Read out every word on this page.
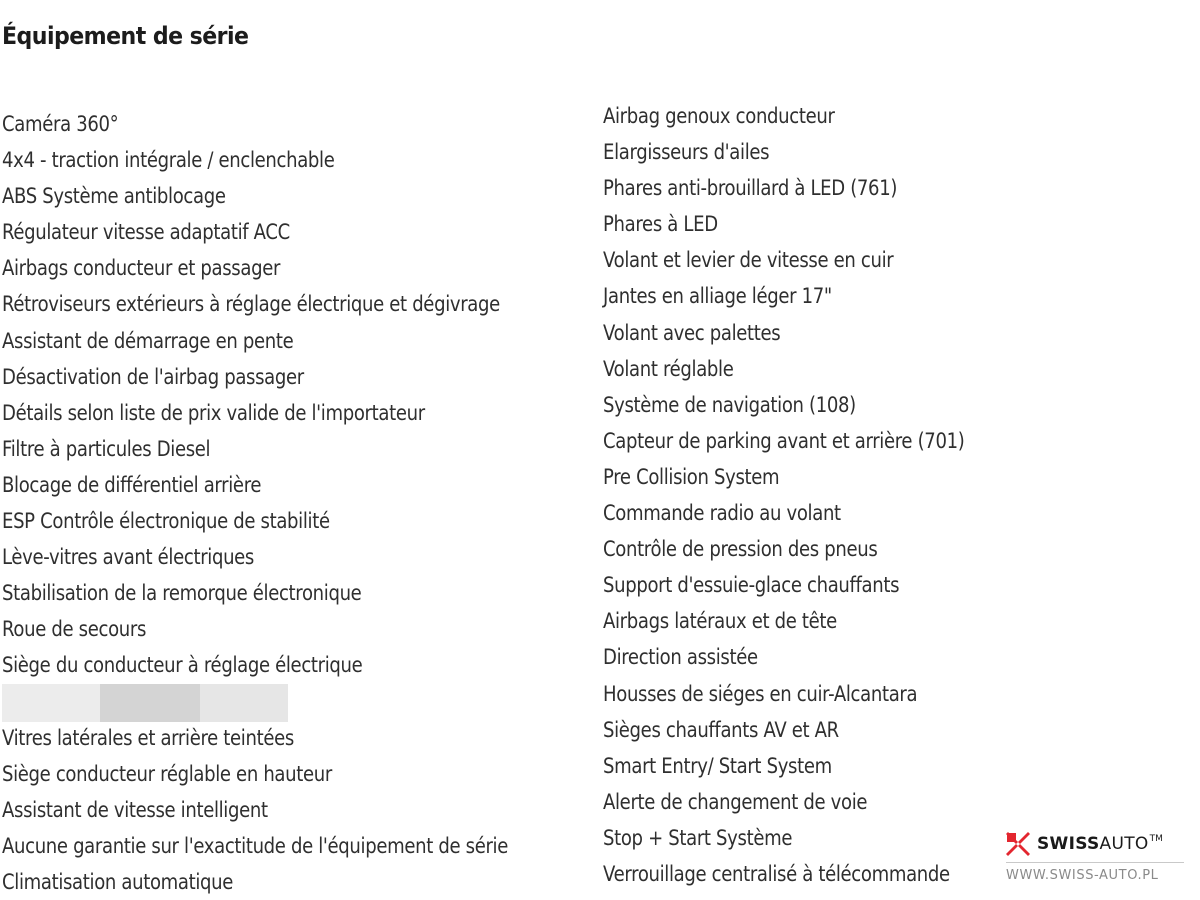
Équipement de série
Caméra 360°
4x4 - traction intégrale / enclenchable
ABS Système antiblocage
Régulateur vitesse adaptatif ACC
Airbags conducteur et passager
Rétroviseurs extérieurs à réglage électrique et dégivrage
Assistant de démarrage en pente
Désactivation de l'airbag passager
Détails selon liste de prix valide de l'importateur
Filtre à particules Diesel
Blocage de différentiel arrière
ESP Contrôle électronique de stabilité
Lève-vitres avant électriques
Stabilisation de la remorque électronique
Roue de secours
Siège du conducteur à réglage électrique
Vitres latérales et arrière teintées
Siège conducteur réglable en hauteur
Assistant de vitesse intelligent
Aucune garantie sur l'exactitude de l'équipement de série
Climatisation automatique
Airbag genoux conducteur
Elargisseurs d'ailes
Phares anti-brouillard à LED (761)
Phares à LED
Volant et levier de vitesse en cuir
Jantes en alliage léger 17"
Volant avec palettes
Volant réglable
Système de navigation (108)
Capteur de parking avant et arrière (701)
Pre Collision System
Commande radio au volant
Contrôle de pression des pneus
Support d'essuie-glace chauffants
Airbags latéraux et de tête
Direction assistée
Housses de siéges en cuir-Alcantara
Sièges chauffants AV et AR
Smart Entry/ Start System
Alerte de changement de voie
Stop + Start Système
Verrouillage centralisé à télécommande
SWISS AUTO TM
WWW.SWISS-AUTO.PL
